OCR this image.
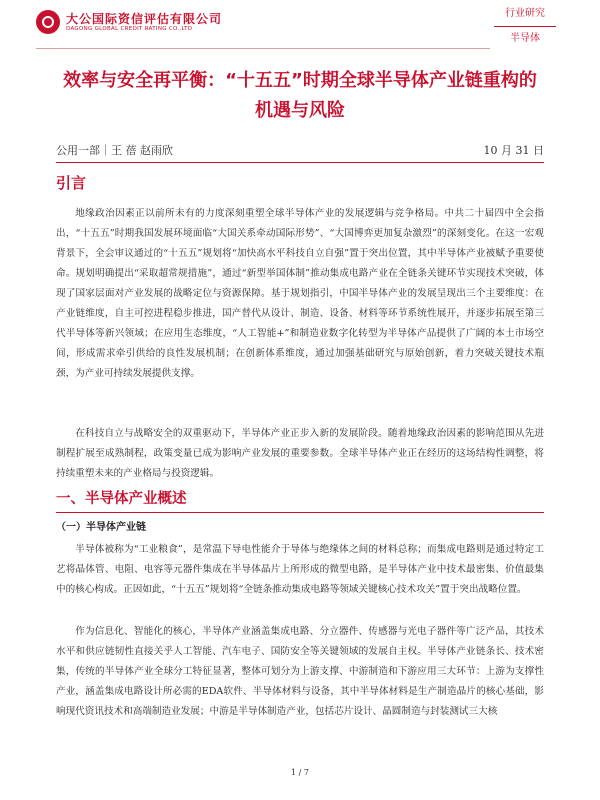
大公国际资信评估有限公司
DAGONG GLOBAL CREDIT RATING CO.,LTD
行业研究
半导体
效率与安全再平衡：“十五五”时期全球半导体产业链重构的机遇与风险
公用一部｜王 蓓 赵雨欣	10 月 31 日
引言

地缘政治因素正以前所未有的力度深刻重塑全球半导体产业的发展逻辑与竞争格局。中共二十届四中全会指出，“十五五”时期我国发展环境面临“大国关系牵动国际形势”、“大国博弈更加复杂激烈”的深刻变化。在这一宏观背景下，全会审议通过的“十五五”规划将“加快高水平科技自立自强”置于突出位置，其中半导体产业被赋予重要使命。规划明确提出“采取超常规措施”，通过“新型举国体制”推动集成电路产业在全链条关键环节实现技术突破，体现了国家层面对产业发展的战略定位与资源保障。基于规划指引，中国半导体产业的发展呈现出三个主要维度：在产业链维度，自主可控进程稳步推进，国产替代从设计、制造、设备、材料等环节系统性展开，并逐步拓展至第三代半导体等新兴领域；在应用生态维度，“人工智能+”和制造业数字化转型为半导体产品提供了广阔的本土市场空间，形成需求牵引供给的良性发展机制；在创新体系维度，通过加强基础研究与原始创新，着力突破关键技术瓶颈，为产业可持续发展提供支撑。

在科技自立与战略安全的双重驱动下，半导体产业正步入新的发展阶段。随着地缘政治因素的影响范围从先进制程扩展至成熟制程，政策变量已成为影响产业发展的重要参数。全球半导体产业正在经历的这场结构性调整，将持续重塑未来的产业格局与投资逻辑。

一、半导体产业概述
（一）半导体产业链

半导体被称为“工业粮食”，是常温下导电性能介于导体与绝缘体之间的材料总称；而集成电路则是通过特定工艺将晶体管、电阻、电容等元器件集成在半导体晶片上所形成的微型电路，是半导体产业中技术最密集、价值最集中的核心构成。正因如此，“十五五”规划将“全链条推动集成电路等领域关键核心技术攻关”置于突出战略位置。

作为信息化、智能化的核心，半导体产业涵盖集成电路、分立器件、传感器与光电子器件等广泛产品，其技术水平和供应链韧性直接关乎人工智能、汽车电子、国防安全等关键领域的发展自主权。半导体产业链条长、技术密集，传统的半导体产业全球分工特征显著，整体可划分为上游支撑、中游制造和下游应用三大环节：上游为支撑性产业，涵盖集成电路设计所必需的EDA软件、半导体材料与设备，其中半导体材料是生产制造晶片的核心基础，影响现代资讯技术和高端制造业发展；中游是半导体制造产业，包括芯片设计、晶圆制造与封装测试三大核

1 / 7
